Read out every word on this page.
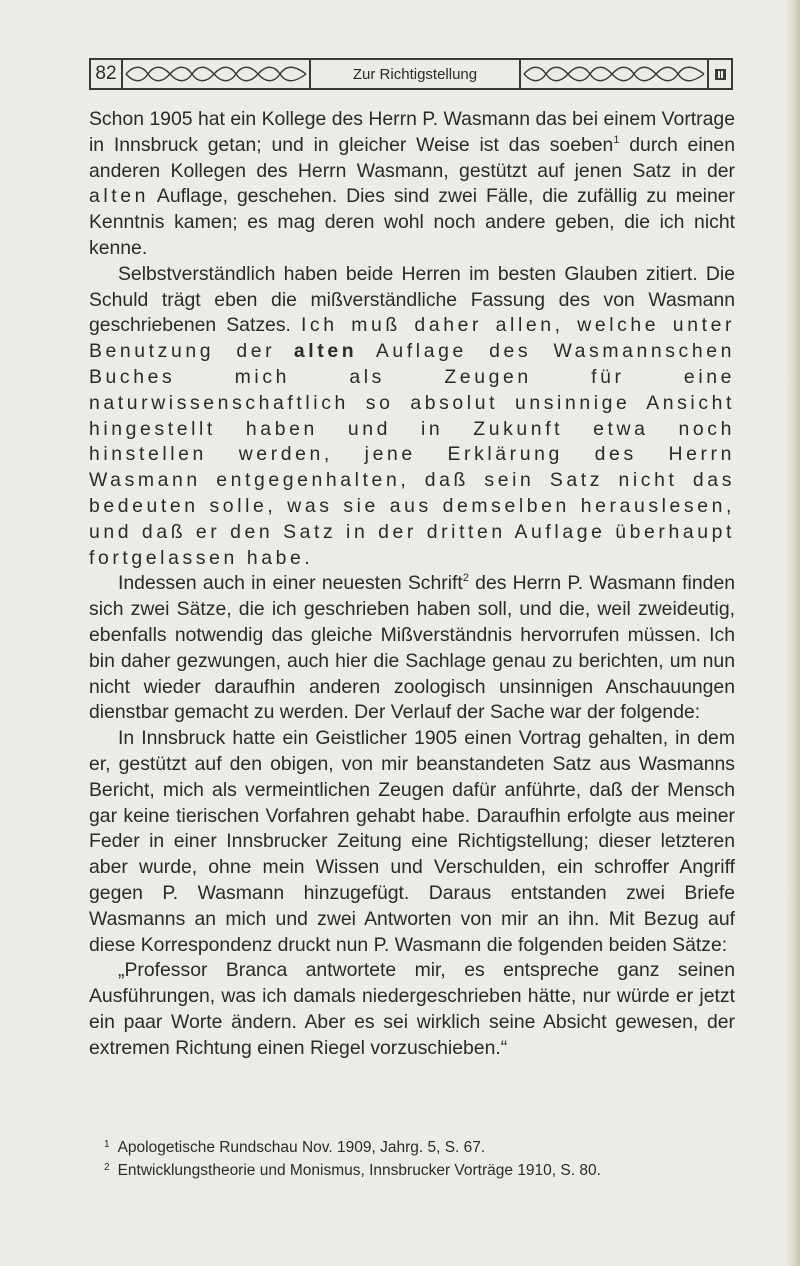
82	Zur Richtigstellung

Schon 1905 hat ein Kollege des Herrn P. Wasmann das bei einem Vortrage in Innsbruck getan; und in gleicher Weise ist das soeben$^1$ durch einen anderen Kollegen des Herrn Wasmann, gestützt auf jenen Satz in der alten Auflage, geschehen. Dies sind zwei Fälle, die zufällig zu meiner Kenntnis kamen; es mag deren wohl noch andere geben, die ich nicht kenne.

Selbstverständlich haben beide Herren im besten Glauben zitiert. Die Schuld trägt eben die mißverständliche Fassung des von Wasmann geschriebenen Satzes. Ich muß daher allen, welche unter Benutzung der alten Auflage des Wasmannschen Buches mich als Zeugen für eine naturwissenschaftlich so absolut unsinnige Ansicht hingestellt haben und in Zukunft etwa noch hinstellen werden, jene Erklärung des Herrn Wasmann entgegenhalten, daß sein Satz nicht das bedeuten solle, was sie aus demselben herauslesen, und daß er den Satz in der dritten Auflage überhaupt fortgelassen habe.

Indessen auch in einer neuesten Schrift$^2$ des Herrn P. Wasmann finden sich zwei Sätze, die ich geschrieben haben soll, und die, weil zweideutig, ebenfalls notwendig das gleiche Mißverständnis hervorrufen müssen. Ich bin daher gezwungen, auch hier die Sachlage genau zu berichten, um nun nicht wieder daraufhin anderen zoologisch unsinnigen Anschauungen dienstbar gemacht zu werden. Der Verlauf der Sache war der folgende:

In Innsbruck hatte ein Geistlicher 1905 einen Vortrag gehalten, in dem er, gestützt auf den obigen, von mir beanstandeten Satz aus Wasmanns Bericht, mich als vermeintlichen Zeugen dafür anführte, daß der Mensch gar keine tierischen Vorfahren gehabt habe. Daraufhin erfolgte aus meiner Feder in einer Innsbrucker Zeitung eine Richtigstellung; dieser letzteren aber wurde, ohne mein Wissen und Verschulden, ein schroffer Angriff gegen P. Wasmann hinzugefügt. Daraus entstanden zwei Briefe Wasmanns an mich und zwei Antworten von mir an ihn. Mit Bezug auf diese Korrespondenz druckt nun P. Wasmann die folgenden beiden Sätze:

„Professor Branca antwortete mir, es entspreche ganz seinen Ausführungen, was ich damals niedergeschrieben hätte, nur würde er jetzt ein paar Worte ändern. Aber es sei wirklich seine Absicht gewesen, der extremen Richtung einen Riegel vorzuschieben.“

$^1$ Apologetische Rundschau Nov. 1909, Jahrg. 5, S. 67.
$^2$ Entwicklungstheorie und Monismus, Innsbrucker Vorträge 1910, S. 80.
